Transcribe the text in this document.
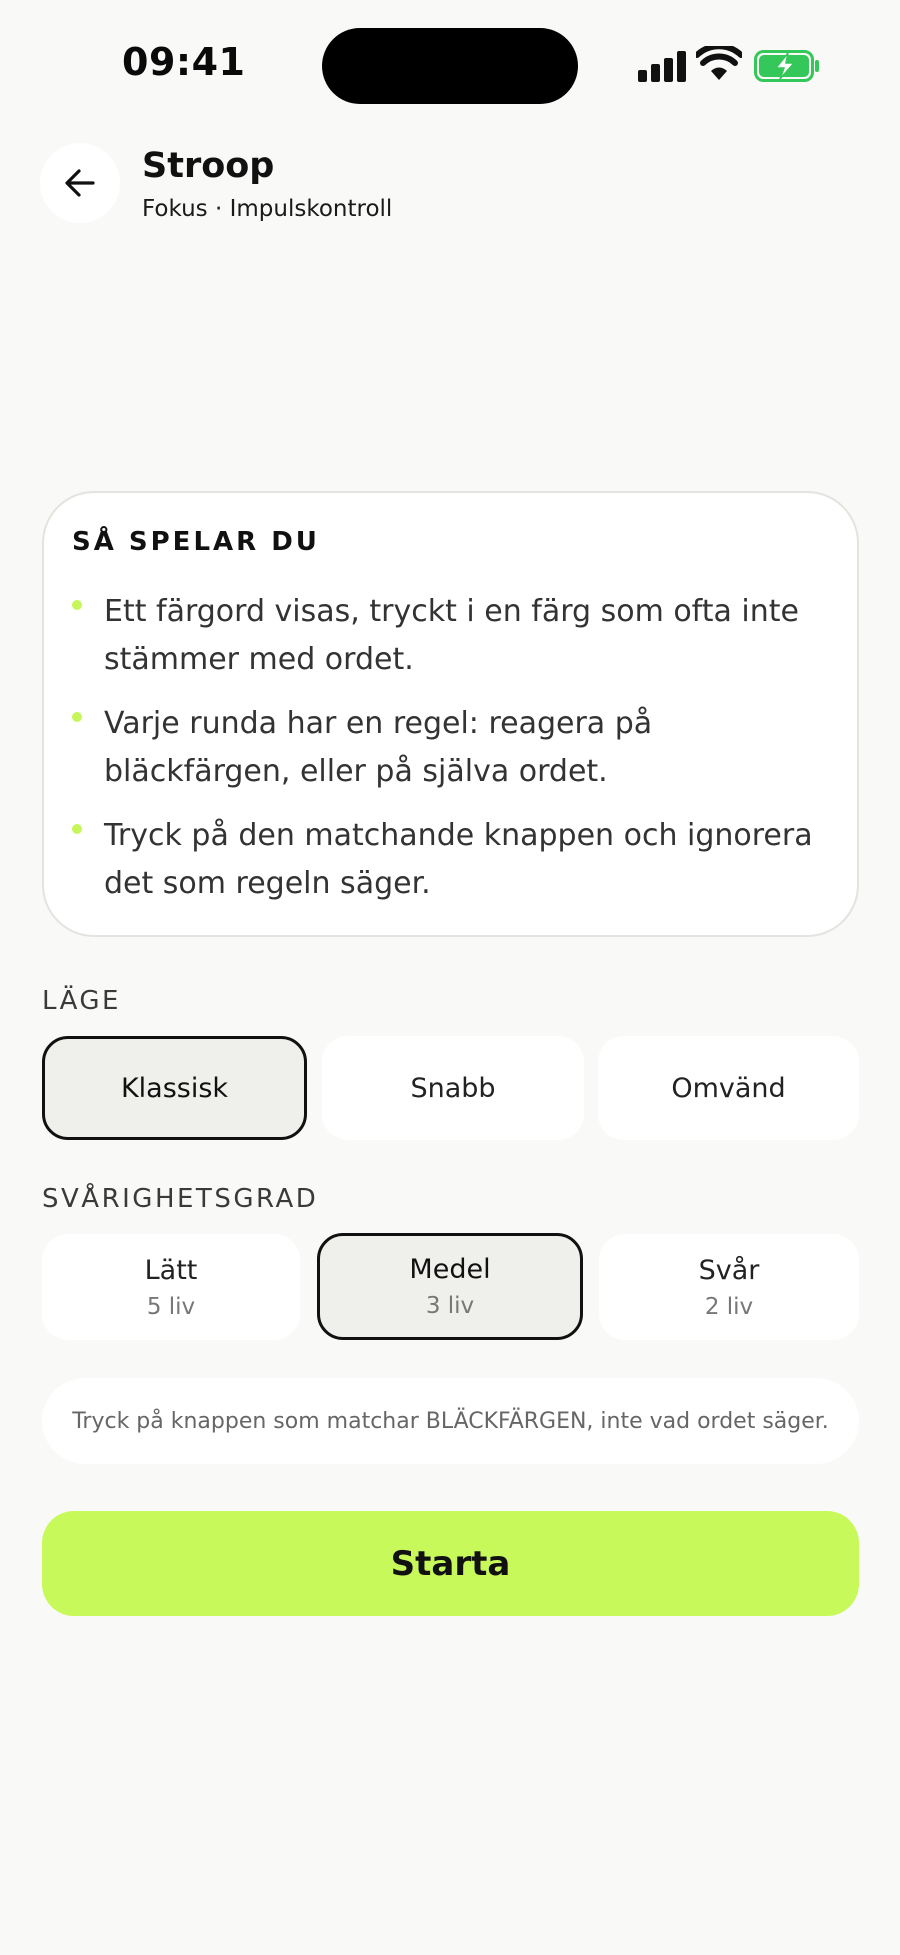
09:41
Stroop
Fokus · Impulskontroll
SÅ SPELAR DU
Ett färgord visas, tryckt i en färg som ofta inte stämmer med ordet.
Varje runda har en regel: reagera på bläckfärgen, eller på själva ordet.
Tryck på den matchande knappen och ignorera det som regeln säger.
LÄGE
Klassisk	Snabb	Omvänd
SVÅRIGHETSGRAD
Lätt
5 liv
Medel
3 liv
Svår
2 liv
Tryck på knappen som matchar BLÄCKFÄRGEN, inte vad ordet säger.
Starta
